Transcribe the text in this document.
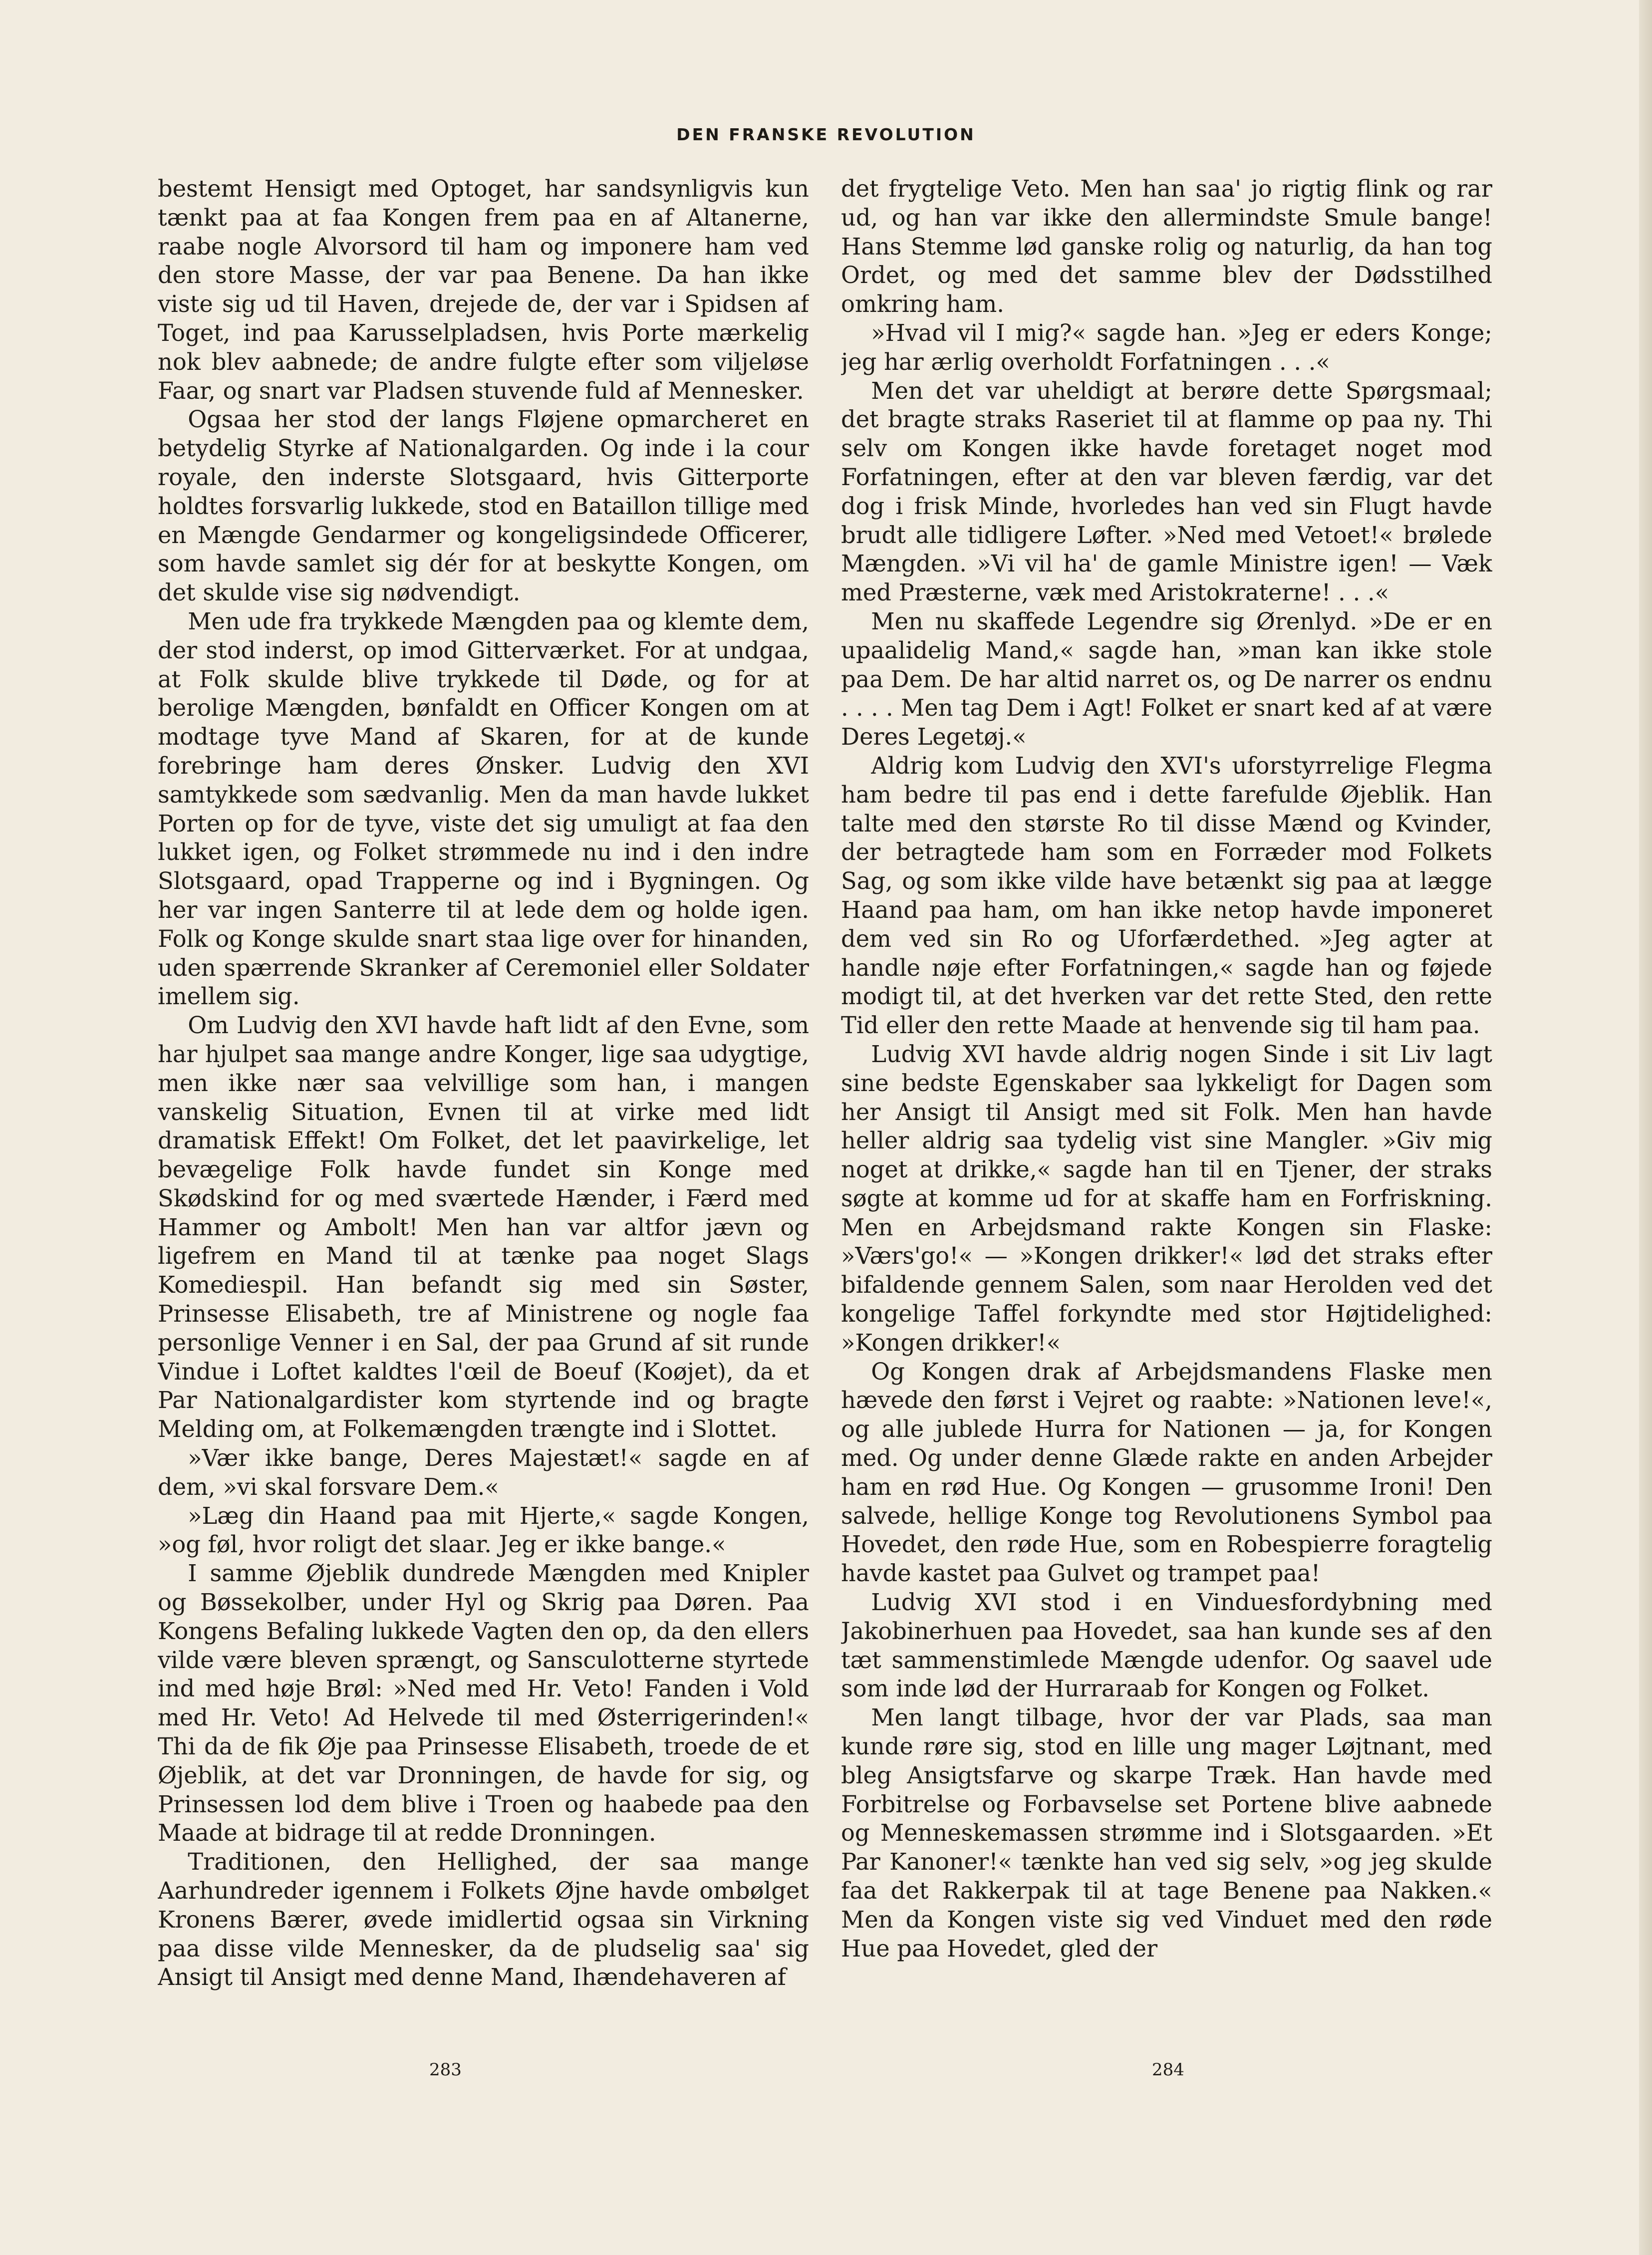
DEN FRANSKE REVOLUTION

bestemt Hensigt med Optoget, har sandsynligvis kun tænkt paa at faa Kongen frem paa en af Altanerne, raabe nogle Alvorsord til ham og imponere ham ved den store Masse, der var paa Benene. Da han ikke viste sig ud til Haven, drejede de, der var i Spidsen af Toget, ind paa Karusselpladsen, hvis Porte mærkelig nok blev aabnede; de andre fulgte efter som viljeløse Faar, og snart var Pladsen stuvende fuld af Mennesker.

Ogsaa her stod der langs Fløjene opmarcheret en betydelig Styrke af Nationalgarden. Og inde i la cour royale, den inderste Slotsgaard, hvis Gitterporte holdtes forsvarlig lukkede, stod en Bataillon tillige med en Mængde Gendarmer og kongeligsindede Officerer, som havde samlet sig dér for at beskytte Kongen, om det skulde vise sig nødvendigt.

Men ude fra trykkede Mængden paa og klemte dem, der stod inderst, op imod Gitterværket. For at undgaa, at Folk skulde blive trykkede til Døde, og for at berolige Mængden, bønfaldt en Officer Kongen om at modtage tyve Mand af Skaren, for at de kunde forebringe ham deres Ønsker. Ludvig den XVI samtykkede som sædvanlig. Men da man havde lukket Porten op for de tyve, viste det sig umuligt at faa den lukket igen, og Folket strømmede nu ind i den indre Slotsgaard, opad Trapperne og ind i Bygningen. Og her var ingen Santerre til at lede dem og holde igen. Folk og Konge skulde snart staa lige over for hinanden, uden spærrende Skranker af Ceremoniel eller Soldater imellem sig.

Om Ludvig den XVI havde haft lidt af den Evne, som har hjulpet saa mange andre Konger, lige saa udygtige, men ikke nær saa velvillige som han, i mangen vanskelig Situation, Evnen til at virke med lidt dramatisk Effekt! Om Folket, det let paavirkelige, let bevægelige Folk havde fundet sin Konge med Skødskind for og med sværtede Hænder, i Færd med Hammer og Ambolt! Men han var altfor jævn og ligefrem en Mand til at tænke paa noget Slags Komediespil. Han befandt sig med sin Søster, Prinsesse Elisabeth, tre af Ministrene og nogle faa personlige Venner i en Sal, der paa Grund af sit runde Vindue i Loftet kaldtes l'œil de Boeuf (Koøjet), da et Par Nationalgardister kom styrtende ind og bragte Melding om, at Folkemængden trængte ind i Slottet.

»Vær ikke bange, Deres Majestæt!« sagde en af dem, »vi skal forsvare Dem.«

»Læg din Haand paa mit Hjerte,« sagde Kongen, »og føl, hvor roligt det slaar. Jeg er ikke bange.«

I samme Øjeblik dundrede Mængden med Knipler og Bøssekolber, under Hyl og Skrig paa Døren. Paa Kongens Befaling lukkede Vagten den op, da den ellers vilde være bleven sprængt, og Sansculotterne styrtede ind med høje Brøl: »Ned med Hr. Veto! Fanden i Vold med Hr. Veto! Ad Helvede til med Østerrigerinden!« Thi da de fik Øje paa Prinsesse Elisabeth, troede de et Øjeblik, at det var Dronningen, de havde for sig, og Prinsessen lod dem blive i Troen og haabede paa den Maade at bidrage til at redde Dronningen.

Traditionen, den Hellighed, der saa mange Aarhundreder igennem i Folkets Øjne havde ombølget Kronens Bærer, øvede imidlertid ogsaa sin Virkning paa disse vilde Mennesker, da de pludselig saa' sig Ansigt til Ansigt med denne Mand, Ihændehaveren af

det frygtelige Veto. Men han saa' jo rigtig flink og rar ud, og han var ikke den allermindste Smule bange! Hans Stemme lød ganske rolig og naturlig, da han tog Ordet, og med det samme blev der Dødsstilhed omkring ham.

»Hvad vil I mig?« sagde han. »Jeg er eders Konge; jeg har ærlig overholdt Forfatningen . . .«

Men det var uheldigt at berøre dette Spørgsmaal; det bragte straks Raseriet til at flamme op paa ny. Thi selv om Kongen ikke havde foretaget noget mod Forfatningen, efter at den var bleven færdig, var det dog i frisk Minde, hvorledes han ved sin Flugt havde brudt alle tidligere Løfter. »Ned med Vetoet!« brølede Mængden. »Vi vil ha' de gamle Ministre igen! — Væk med Præsterne, væk med Aristokraterne! . . .«

Men nu skaffede Legendre sig Ørenlyd. »De er en upaalidelig Mand,« sagde han, »man kan ikke stole paa Dem. De har altid narret os, og De narrer os endnu . . . . Men tag Dem i Agt! Folket er snart ked af at være Deres Legetøj.«

Aldrig kom Ludvig den XVI's uforstyrrelige Flegma ham bedre til pas end i dette farefulde Øjeblik. Han talte med den største Ro til disse Mænd og Kvinder, der betragtede ham som en Forræder mod Folkets Sag, og som ikke vilde have betænkt sig paa at lægge Haand paa ham, om han ikke netop havde imponeret dem ved sin Ro og Uforfærdethed. »Jeg agter at handle nøje efter Forfatningen,« sagde han og føjede modigt til, at det hverken var det rette Sted, den rette Tid eller den rette Maade at henvende sig til ham paa.

Ludvig XVI havde aldrig nogen Sinde i sit Liv lagt sine bedste Egenskaber saa lykkeligt for Dagen som her Ansigt til Ansigt med sit Folk. Men han havde heller aldrig saa tydelig vist sine Mangler. »Giv mig noget at drikke,« sagde han til en Tjener, der straks søgte at komme ud for at skaffe ham en Forfriskning. Men en Arbejdsmand rakte Kongen sin Flaske: »Værs'go!« — »Kongen drikker!« lød det straks efter bifaldende gennem Salen, som naar Herolden ved det kongelige Taffel forkyndte med stor Højtidelighed: »Kongen drikker!«

Og Kongen drak af Arbejdsmandens Flaske men hævede den først i Vejret og raabte: »Nationen leve!«, og alle jublede Hurra for Nationen — ja, for Kongen med. Og under denne Glæde rakte en anden Arbejder ham en rød Hue. Og Kongen — grusomme Ironi! Den salvede, hellige Konge tog Revolutionens Symbol paa Hovedet, den røde Hue, som en Robespierre foragtelig havde kastet paa Gulvet og trampet paa!

Ludvig XVI stod i en Vinduesfordybning med Jakobinerhuen paa Hovedet, saa han kunde ses af den tæt sammenstimlede Mængde udenfor. Og saavel ude som inde lød der Hurraraab for Kongen og Folket.

Men langt tilbage, hvor der var Plads, saa man kunde røre sig, stod en lille ung mager Løjtnant, med bleg Ansigtsfarve og skarpe Træk. Han havde med Forbitrelse og Forbavselse set Portene blive aabnede og Menneskemassen strømme ind i Slotsgaarden. »Et Par Kanoner!« tænkte han ved sig selv, »og jeg skulde faa det Rakkerpak til at tage Benene paa Nakken.« Men da Kongen viste sig ved Vinduet med den røde Hue paa Hovedet, gled der

283	284
